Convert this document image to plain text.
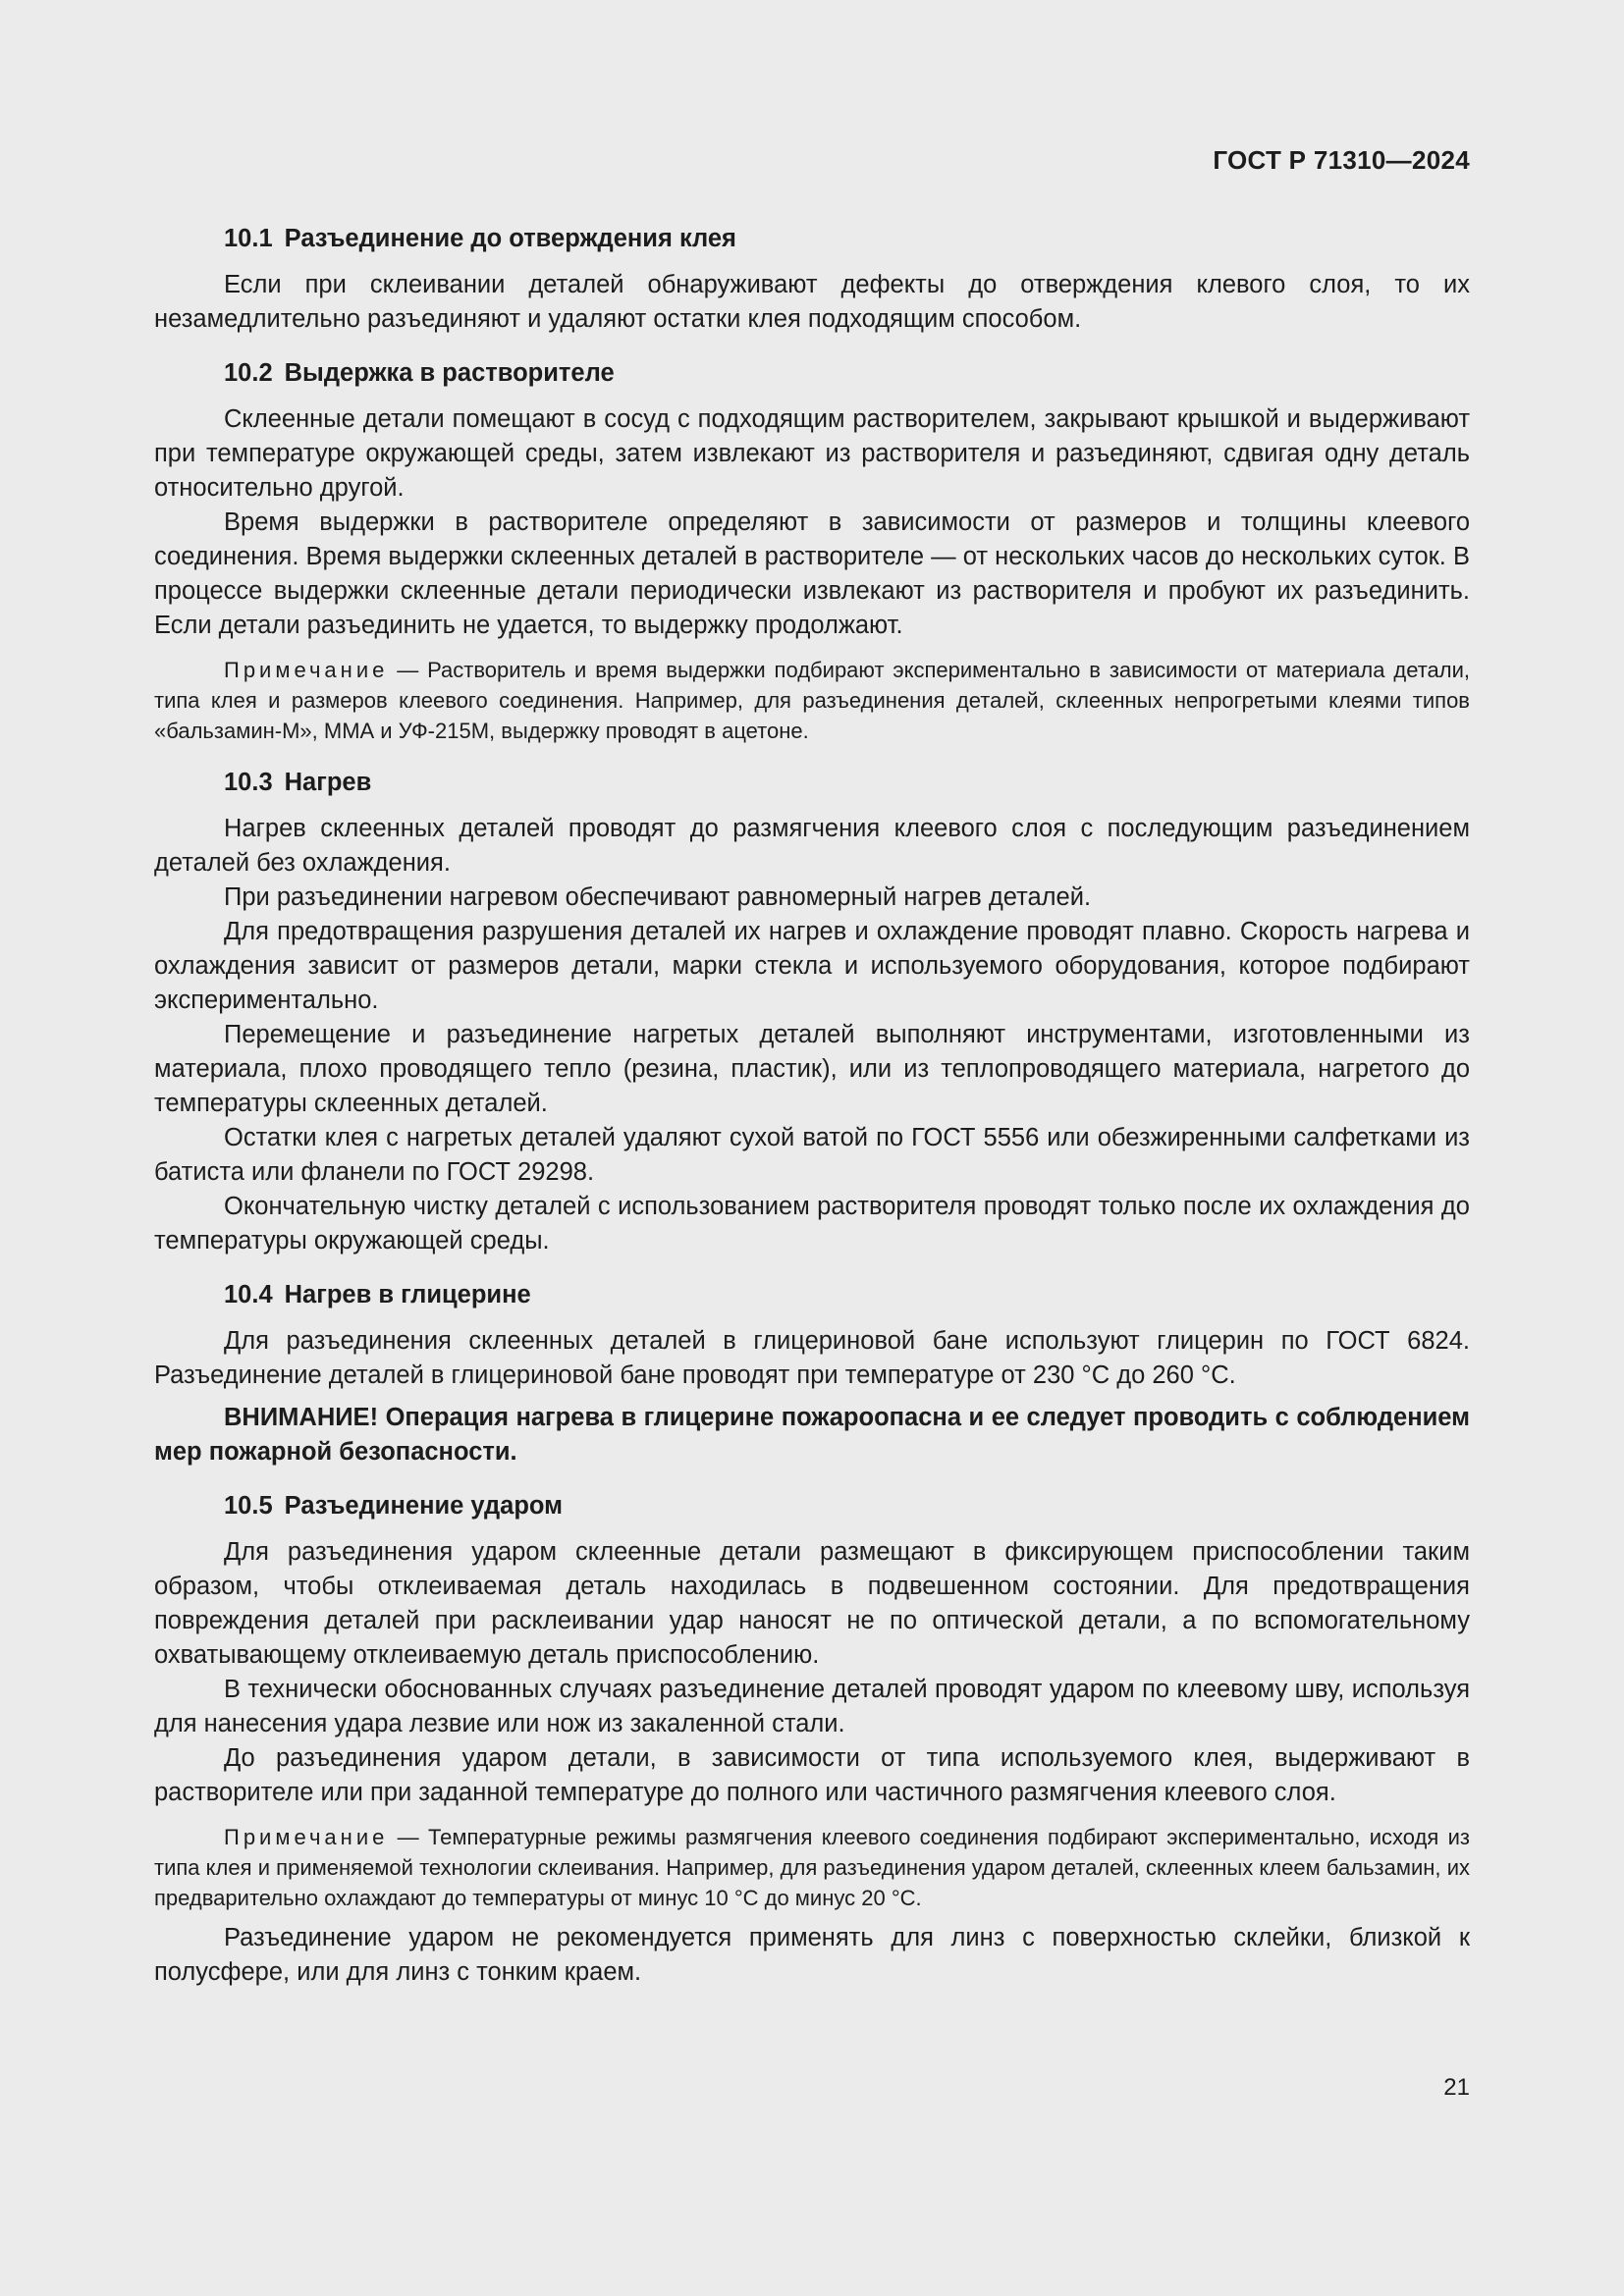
ГОСТ Р 71310—2024
10.1 Разъединение до отверждения клея

Если при склеивании деталей обнаруживают дефекты до отверждения клевого слоя, то их незамедлительно разъединяют и удаляют остатки клея подходящим способом.

10.2 Выдержка в растворителе

Склеенные детали помещают в сосуд с подходящим растворителем, закрывают крышкой и выдерживают при температуре окружающей среды, затем извлекают из растворителя и разъединяют, сдвигая одну деталь относительно другой.

Время выдержки в растворителе определяют в зависимости от размеров и толщины клеевого соединения. Время выдержки склеенных деталей в растворителе — от нескольких часов до нескольких суток. В процессе выдержки склеенные детали периодически извлекают из растворителя и пробуют их разъединить. Если детали разъединить не удается, то выдержку продолжают.

Примечание — Растворитель и время выдержки подбирают экспериментально в зависимости от материала детали, типа клея и размеров клеевого соединения. Например, для разъединения деталей, склеенных непрогретыми клеями типов «бальзамин-М», ММА и УФ-215М, выдержку проводят в ацетоне.

10.3 Нагрев

Нагрев склеенных деталей проводят до размягчения клеевого слоя с последующим разъединением деталей без охлаждения.

При разъединении нагревом обеспечивают равномерный нагрев деталей.

Для предотвращения разрушения деталей их нагрев и охлаждение проводят плавно. Скорость нагрева и охлаждения зависит от размеров детали, марки стекла и используемого оборудования, которое подбирают экспериментально.

Перемещение и разъединение нагретых деталей выполняют инструментами, изготовленными из материала, плохо проводящего тепло (резина, пластик), или из теплопроводящего материала, нагретого до температуры склеенных деталей.

Остатки клея с нагретых деталей удаляют сухой ватой по ГОСТ 5556 или обезжиренными салфетками из батиста или фланели по ГОСТ 29298.

Окончательную чистку деталей с использованием растворителя проводят только после их охлаждения до температуры окружающей среды.

10.4 Нагрев в глицерине

Для разъединения склеенных деталей в глицериновой бане используют глицерин по ГОСТ 6824. Разъединение деталей в глицериновой бане проводят при температуре от 230 °С до 260 °С.

ВНИМАНИЕ! Операция нагрева в глицерине пожароопасна и ее следует проводить с соблюдением мер пожарной безопасности.

10.5 Разъединение ударом

Для разъединения ударом склеенные детали размещают в фиксирующем приспособлении таким образом, чтобы отклеиваемая деталь находилась в подвешенном состоянии. Для предотвращения повреждения деталей при расклеивании удар наносят не по оптической детали, а по вспомогательному охватывающему отклеиваемую деталь приспособлению.

В технически обоснованных случаях разъединение деталей проводят ударом по клеевому шву, используя для нанесения удара лезвие или нож из закаленной стали.

До разъединения ударом детали, в зависимости от типа используемого клея, выдерживают в растворителе или при заданной температуре до полного или частичного размягчения клеевого слоя.

Примечание — Температурные режимы размягчения клеевого соединения подбирают экспериментально, исходя из типа клея и применяемой технологии склеивания. Например, для разъединения ударом деталей, склеенных клеем бальзамин, их предварительно охлаждают до температуры от минус 10 °С до минус 20 °С.

Разъединение ударом не рекомендуется применять для линз с поверхностью склейки, близкой к полусфере, или для линз с тонким краем.

21
